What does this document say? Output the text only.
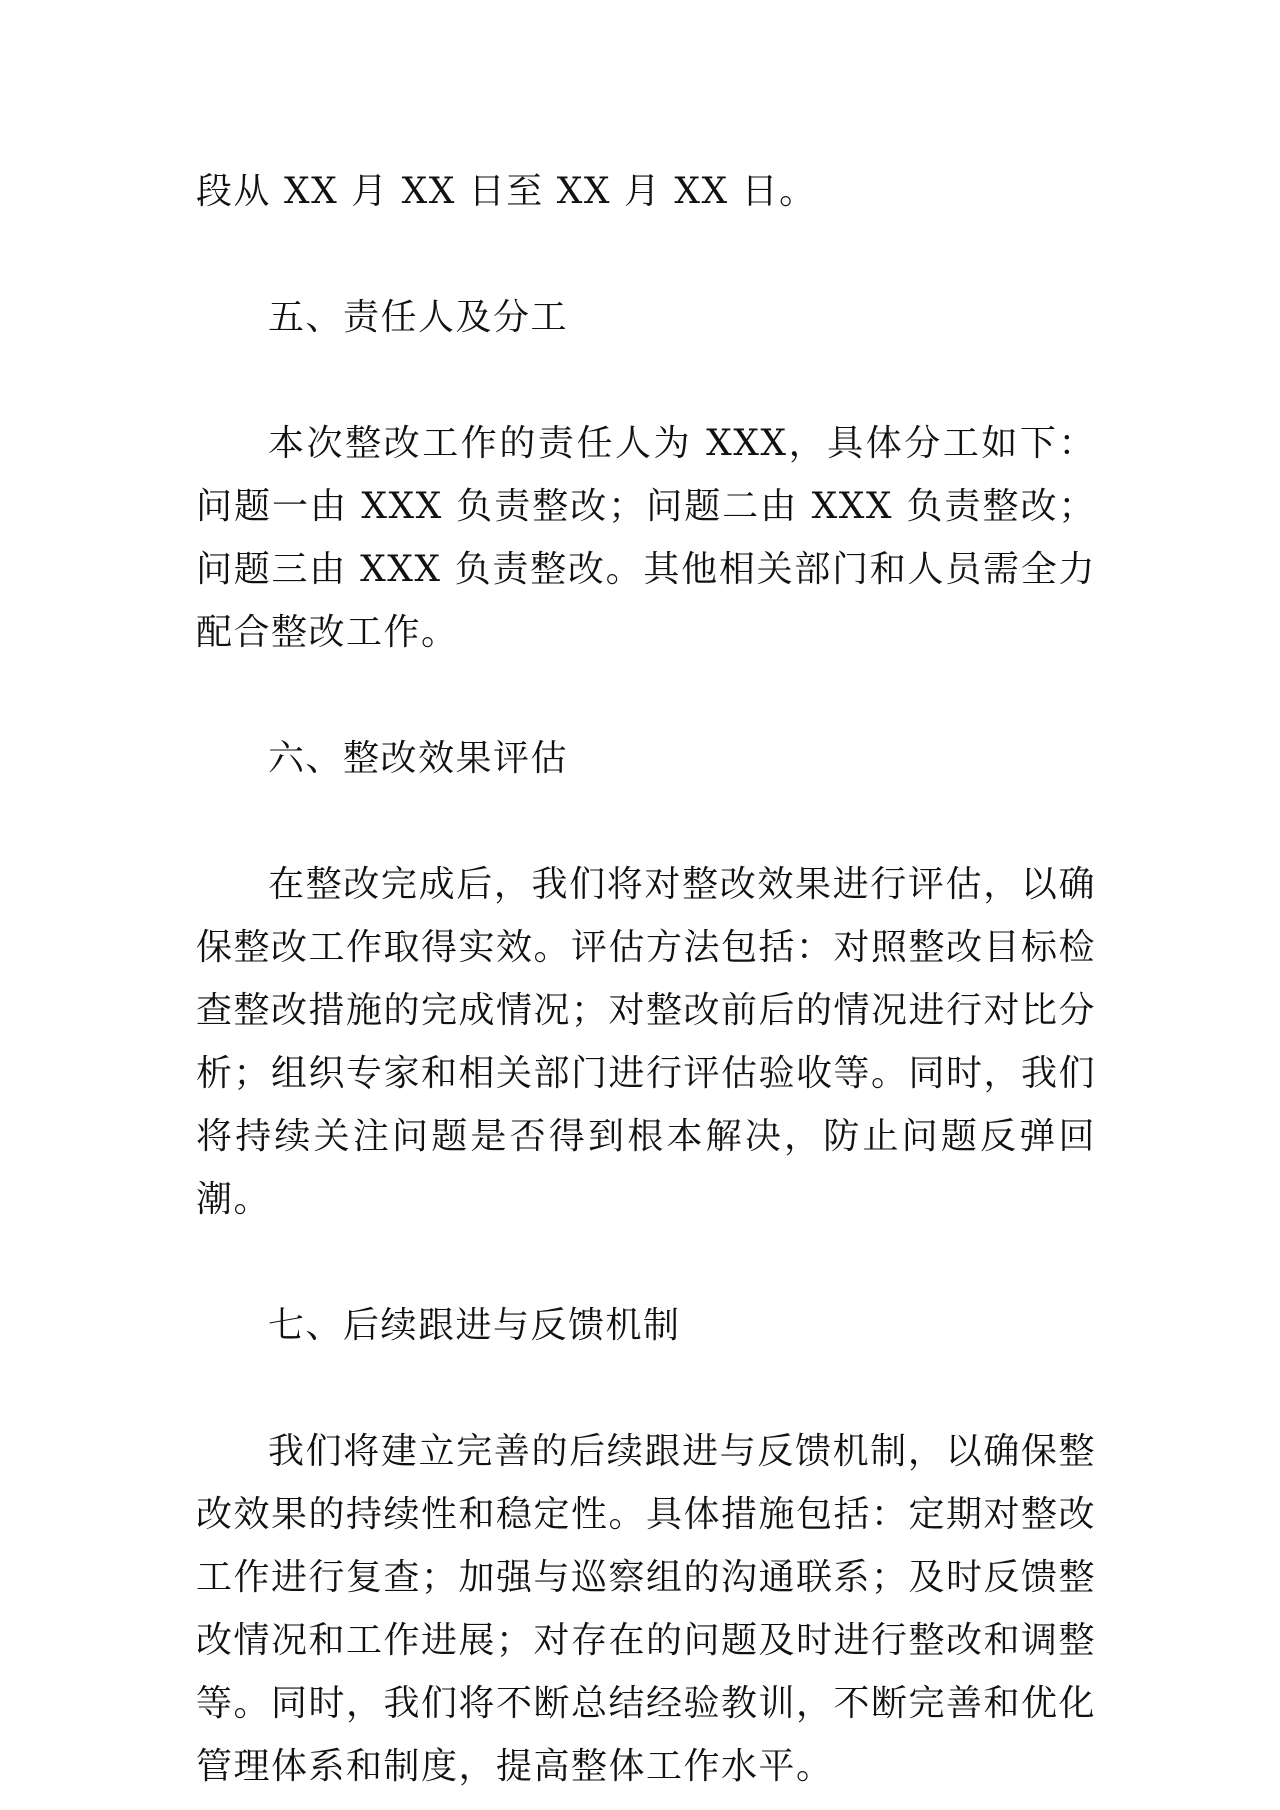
段从 XX 月 XX 日至 XX 月 XX 日。

五、责任人及分工

本次整改工作的责任人为 XXX，具体分工如下：问题一由 XXX 负责整改；问题二由 XXX 负责整改；问题三由 XXX 负责整改。其他相关部门和人员需全力配合整改工作。

六、整改效果评估

在整改完成后，我们将对整改效果进行评估，以确保整改工作取得实效。评估方法包括：对照整改目标检查整改措施的完成情况；对整改前后的情况进行对比分析；组织专家和相关部门进行评估验收等。同时，我们将持续关注问题是否得到根本解决，防止问题反弹回潮。

七、后续跟进与反馈机制

我们将建立完善的后续跟进与反馈机制，以确保整改效果的持续性和稳定性。具体措施包括：定期对整改工作进行复查；加强与巡察组的沟通联系；及时反馈整改情况和工作进展；对存在的问题及时进行整改和调整等。同时，我们将不断总结经验教训，不断完善和优化管理体系和制度，提高整体工作水平。
